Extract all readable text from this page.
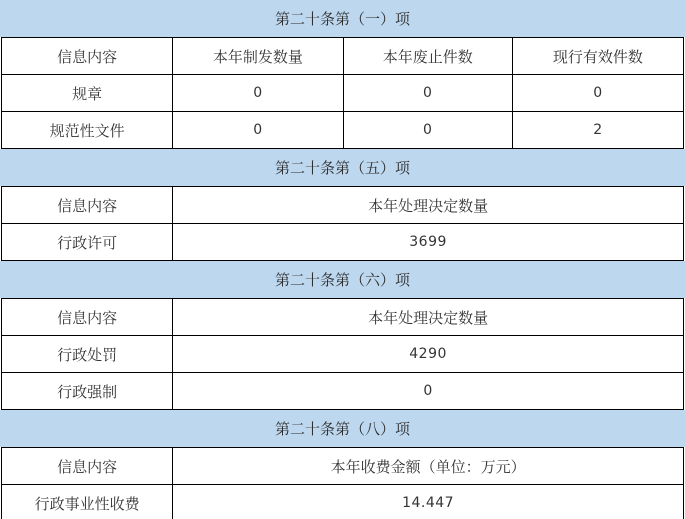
第二十条第（一）项
信息内容	本年制发数量	本年废止件数	现行有效件数
规章	0	0	0
规范性文件	0	0	2
第二十条第（五）项
信息内容	本年处理决定数量
行政许可	3699
第二十条第（六）项
信息内容	本年处理决定数量
行政处罚	4290
行政强制	0
第二十条第（八）项
信息内容	本年收费金额（单位：万元）
行政事业性收费	14.447
